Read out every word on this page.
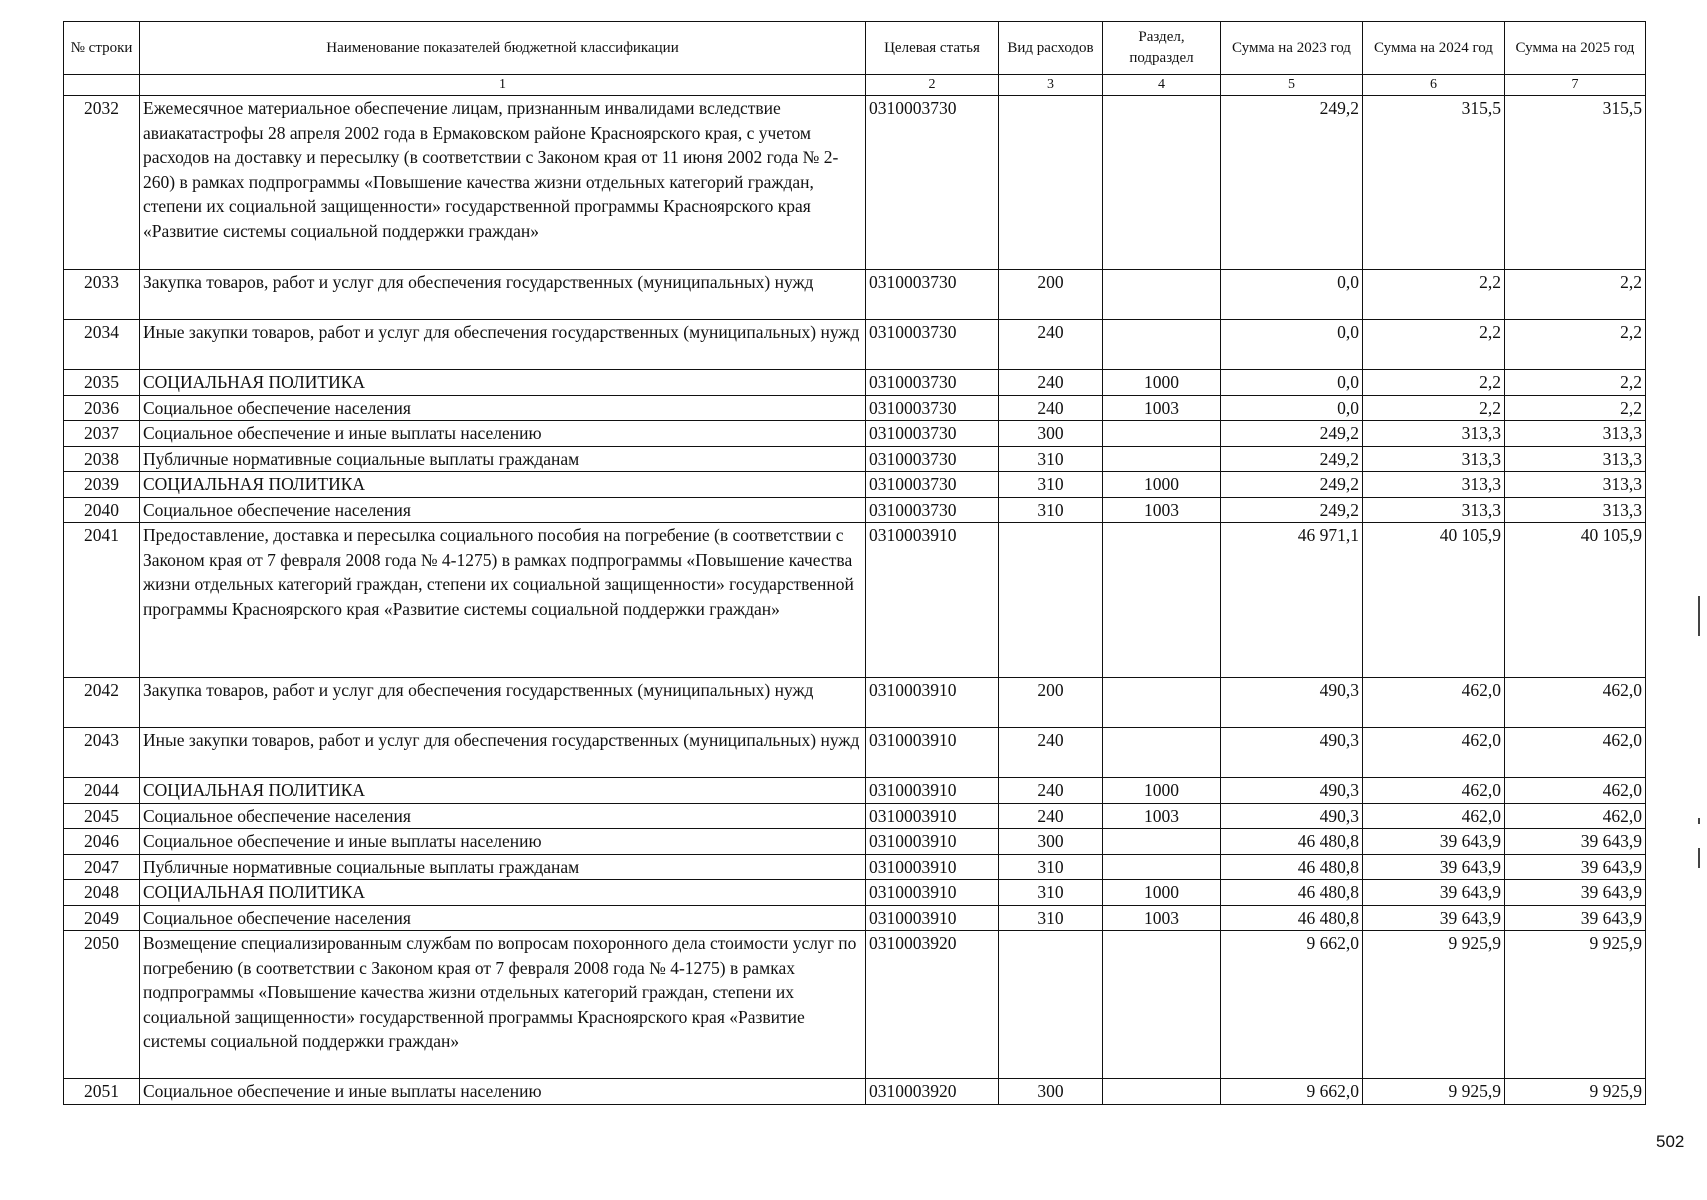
№ строки	Наименование показателей бюджетной классификации	Целевая статья	Вид расходов	Раздел, подраздел	Сумма на 2023 год	Сумма на 2024 год	Сумма на 2025 год
	1	2	3	4	5	6	7
2032	Ежемесячное материальное обеспечение лицам, признанным инвалидами вследствие авиакатастрофы 28 апреля 2002 года в Ермаковском районе Красноярского края, с учетом расходов на доставку и пересылку (в соответствии с Законом края от 11 июня 2002 года № 2-260) в рамках подпрограммы «Повышение качества жизни отдельных категорий граждан, степени их социальной защищенности» государственной программы Красноярского края «Развитие системы социальной поддержки граждан»	0310003730			249,2	315,5	315,5
2033	Закупка товаров, работ и услуг для обеспечения государственных (муниципальных) нужд	0310003730	200		0,0	2,2	2,2
2034	Иные закупки товаров, работ и услуг для обеспечения государственных (муниципальных) нужд	0310003730	240		0,0	2,2	2,2
2035	СОЦИАЛЬНАЯ ПОЛИТИКА	0310003730	240	1000	0,0	2,2	2,2
2036	Социальное обеспечение населения	0310003730	240	1003	0,0	2,2	2,2
2037	Социальное обеспечение и иные выплаты населению	0310003730	300		249,2	313,3	313,3
2038	Публичные нормативные социальные выплаты гражданам	0310003730	310		249,2	313,3	313,3
2039	СОЦИАЛЬНАЯ ПОЛИТИКА	0310003730	310	1000	249,2	313,3	313,3
2040	Социальное обеспечение населения	0310003730	310	1003	249,2	313,3	313,3
2041	Предоставление, доставка и пересылка социального пособия на погребение (в соответствии с Законом края от 7 февраля 2008 года № 4-1275) в рамках подпрограммы «Повышение качества жизни отдельных категорий граждан, степени их социальной защищенности» государственной программы Красноярского края «Развитие системы социальной поддержки граждан»	0310003910			46 971,1	40 105,9	40 105,9
2042	Закупка товаров, работ и услуг для обеспечения государственных (муниципальных) нужд	0310003910	200		490,3	462,0	462,0
2043	Иные закупки товаров, работ и услуг для обеспечения государственных (муниципальных) нужд	0310003910	240		490,3	462,0	462,0
2044	СОЦИАЛЬНАЯ ПОЛИТИКА	0310003910	240	1000	490,3	462,0	462,0
2045	Социальное обеспечение населения	0310003910	240	1003	490,3	462,0	462,0
2046	Социальное обеспечение и иные выплаты населению	0310003910	300		46 480,8	39 643,9	39 643,9
2047	Публичные нормативные социальные выплаты гражданам	0310003910	310		46 480,8	39 643,9	39 643,9
2048	СОЦИАЛЬНАЯ ПОЛИТИКА	0310003910	310	1000	46 480,8	39 643,9	39 643,9
2049	Социальное обеспечение населения	0310003910	310	1003	46 480,8	39 643,9	39 643,9
2050	Возмещение специализированным службам по вопросам похоронного дела стоимости услуг по погребению (в соответствии с Законом края от 7 февраля 2008 года № 4-1275) в рамках подпрограммы «Повышение качества жизни отдельных категорий граждан, степени их социальной защищенности» государственной программы Красноярского края «Развитие системы социальной поддержки граждан»	0310003920			9 662,0	9 925,9	9 925,9
2051	Социальное обеспечение и иные выплаты населению	0310003920	300		9 662,0	9 925,9	9 925,9
502
